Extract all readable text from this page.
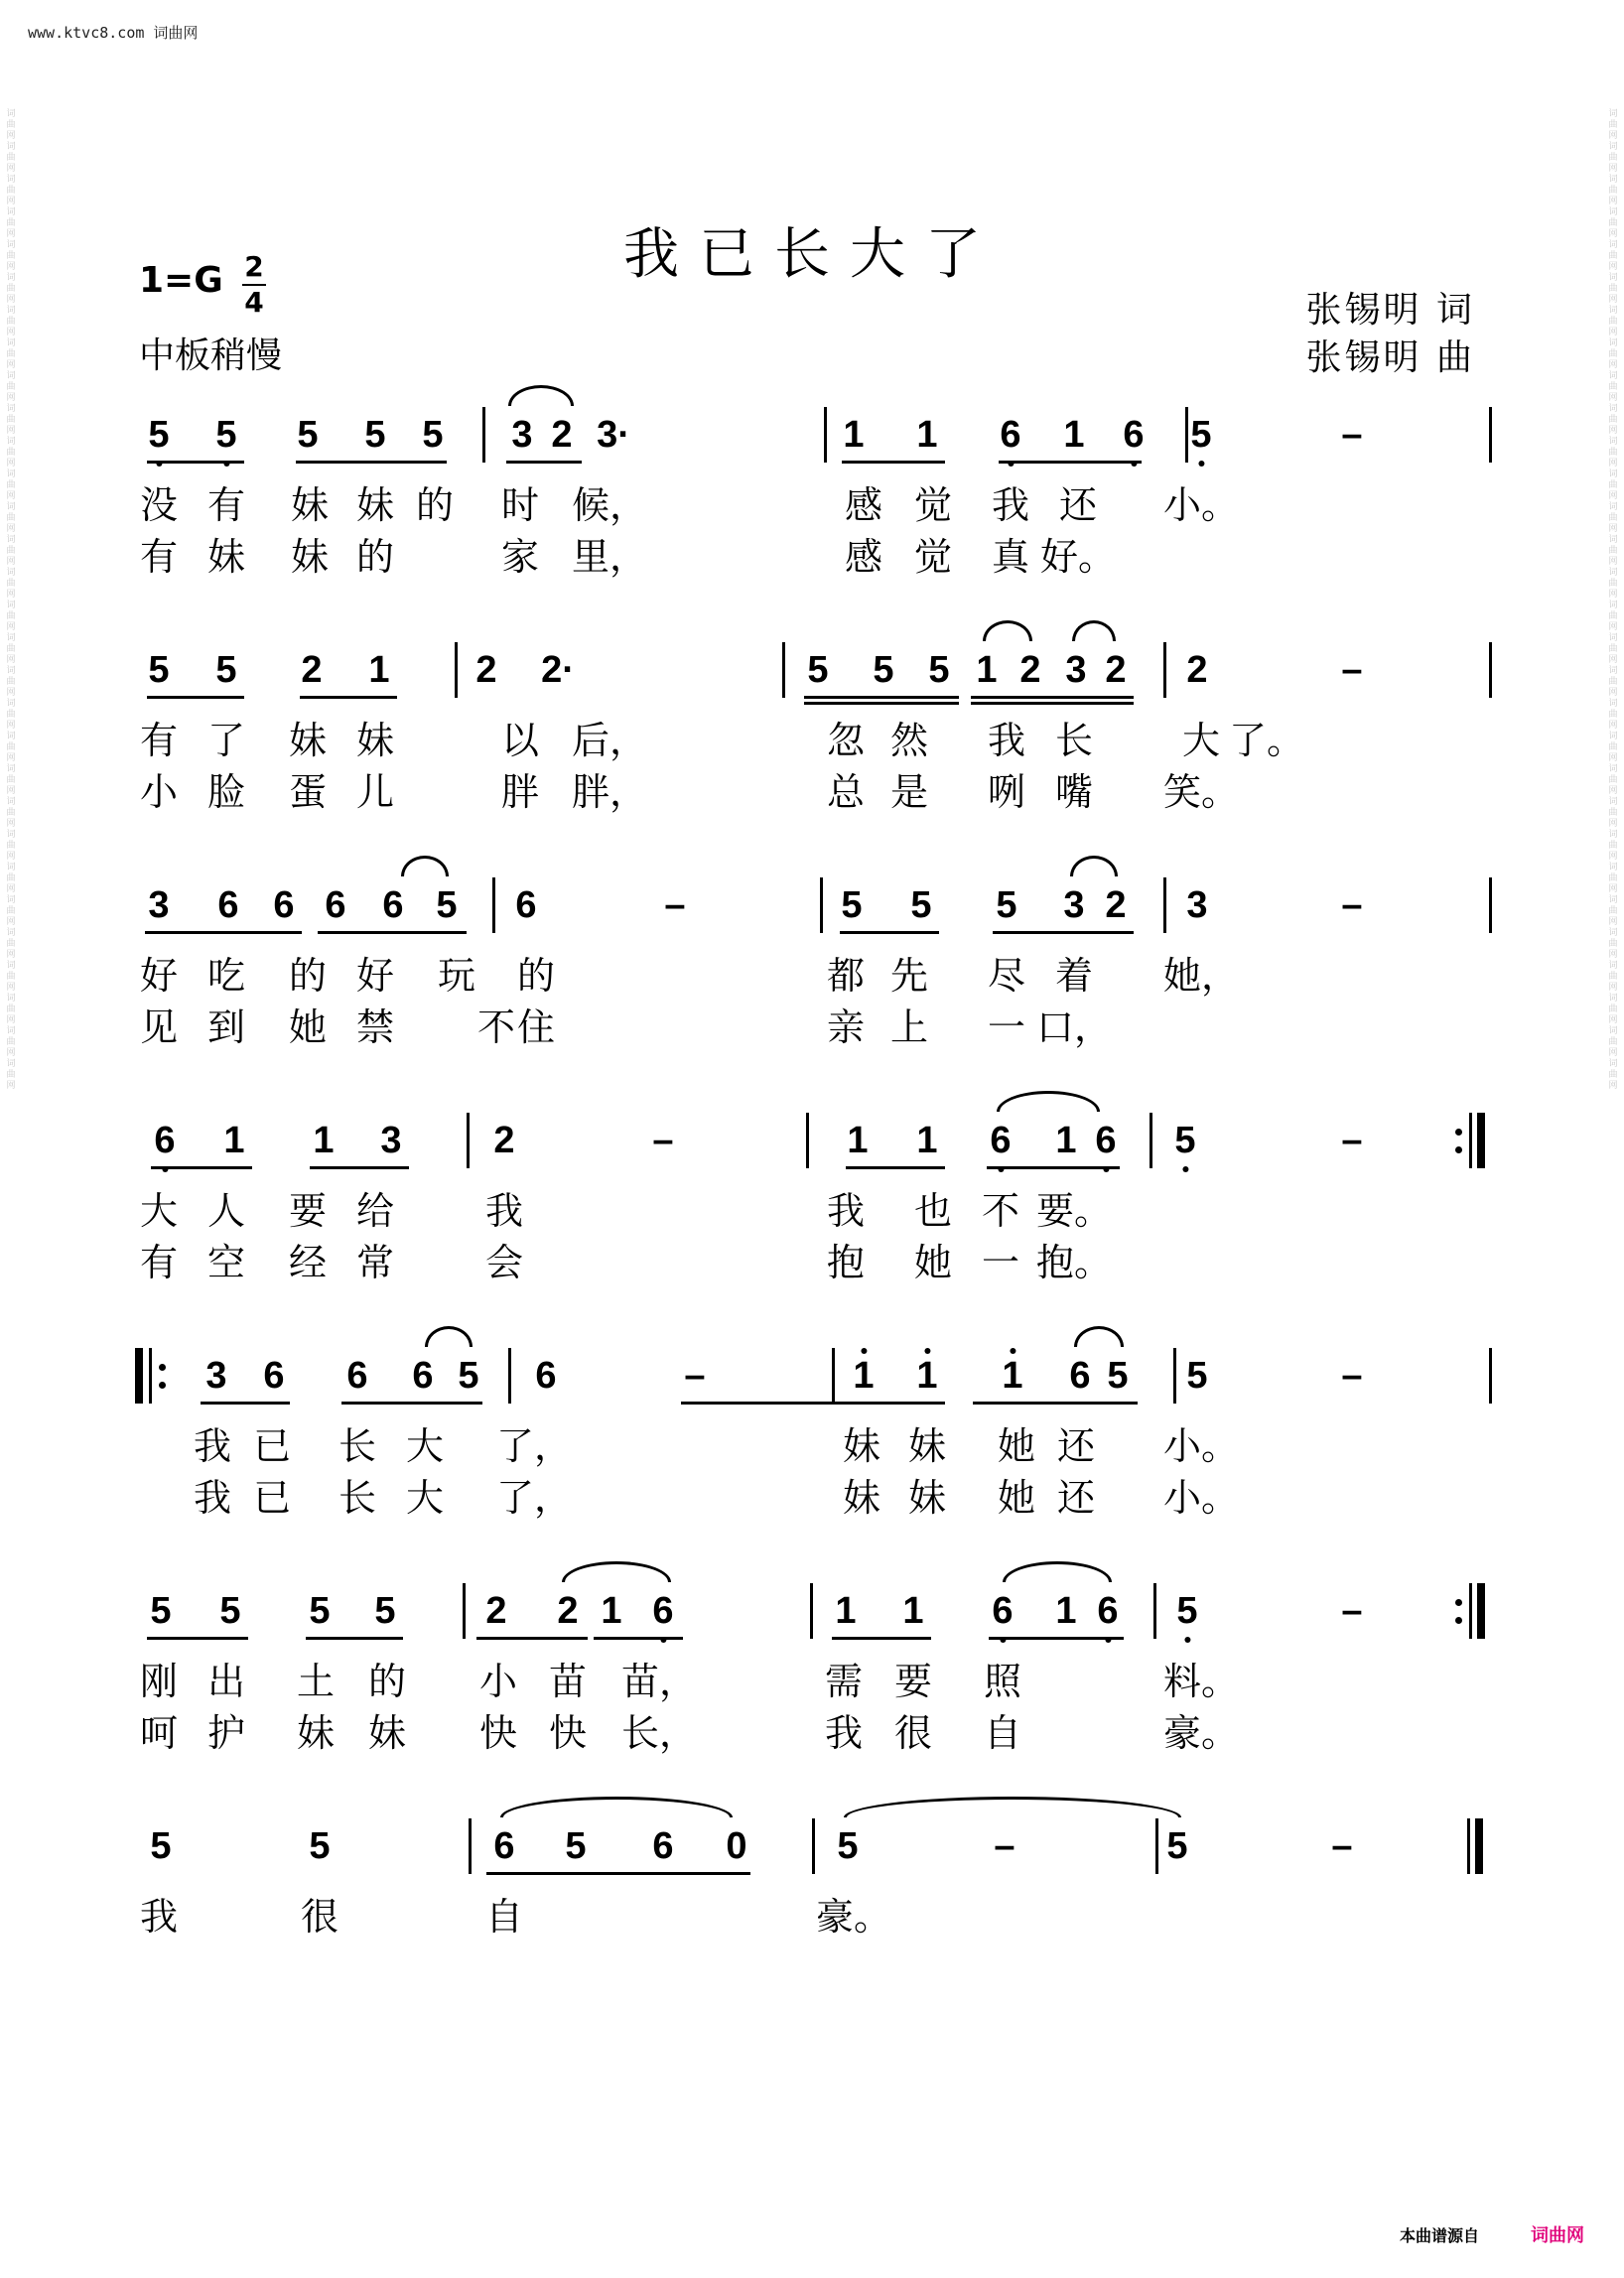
www.ktvc8.com 词曲网
词曲网词曲网词曲网词曲网词曲网词曲网词曲网词曲网词曲网词曲网词曲网词曲网词曲网词曲网词曲网词曲网词曲网词曲网词曲网词曲网词曲网词曲网词曲网词曲网词曲网词曲网词曲网词曲网词曲网词曲网
词曲网词曲网词曲网词曲网词曲网词曲网词曲网词曲网词曲网词曲网词曲网词曲网词曲网词曲网词曲网词曲网词曲网词曲网词曲网词曲网词曲网词曲网词曲网词曲网词曲网词曲网词曲网词曲网词曲网词曲网
我已长大了
1=G 2
4
中板稍慢
张锡明 词
张锡明 曲
5 5 5 5 5 3 2 3·	1 1 6 1 6 5	–
没 有 妹 妹 的 时 候，	感 觉 我 还 小。
有 妹 妹 的	家 里，	感 觉 真 好。
5 5 2 1 2 2·	5 5 5 1 2 3 2 2	–
有 了 妹 妹	以 后，	忽 然 我 长 大 了。
小 脸 蛋 儿	胖 胖，	总 是 咧 嘴 笑。
3 6 6 6 6 5 6	–	5 5 5 3 2 3	–
好 吃 的 好 玩 的	都 先 尽 着 她，
见 到 她 禁 不 住	亲 上 一 口，
6 1 1 3 2	–	1 1 6 1 6 5	–
大 人 要 给 我	我 也 不 要。
有 空 经 常 会	抱 她 一 抱。
3 6 6 6 5 6	–	1 1 1 6 5 5	–
我 已 长 大 了，	妹 妹 她 还 小。
我 已 长 大 了，	妹 妹 她 还 小。
5 5 5 5 2 2 1 6	1 1 6 1 6 5	–
刚 出 土 的 小 苗 苗，	需 要 照	料。
呵 护 妹 妹 快 快 长，	我 很 自	豪。
5	5	6 5 6 0 5	–	5	–
我	很	自	豪。
本曲谱源自	词曲网
